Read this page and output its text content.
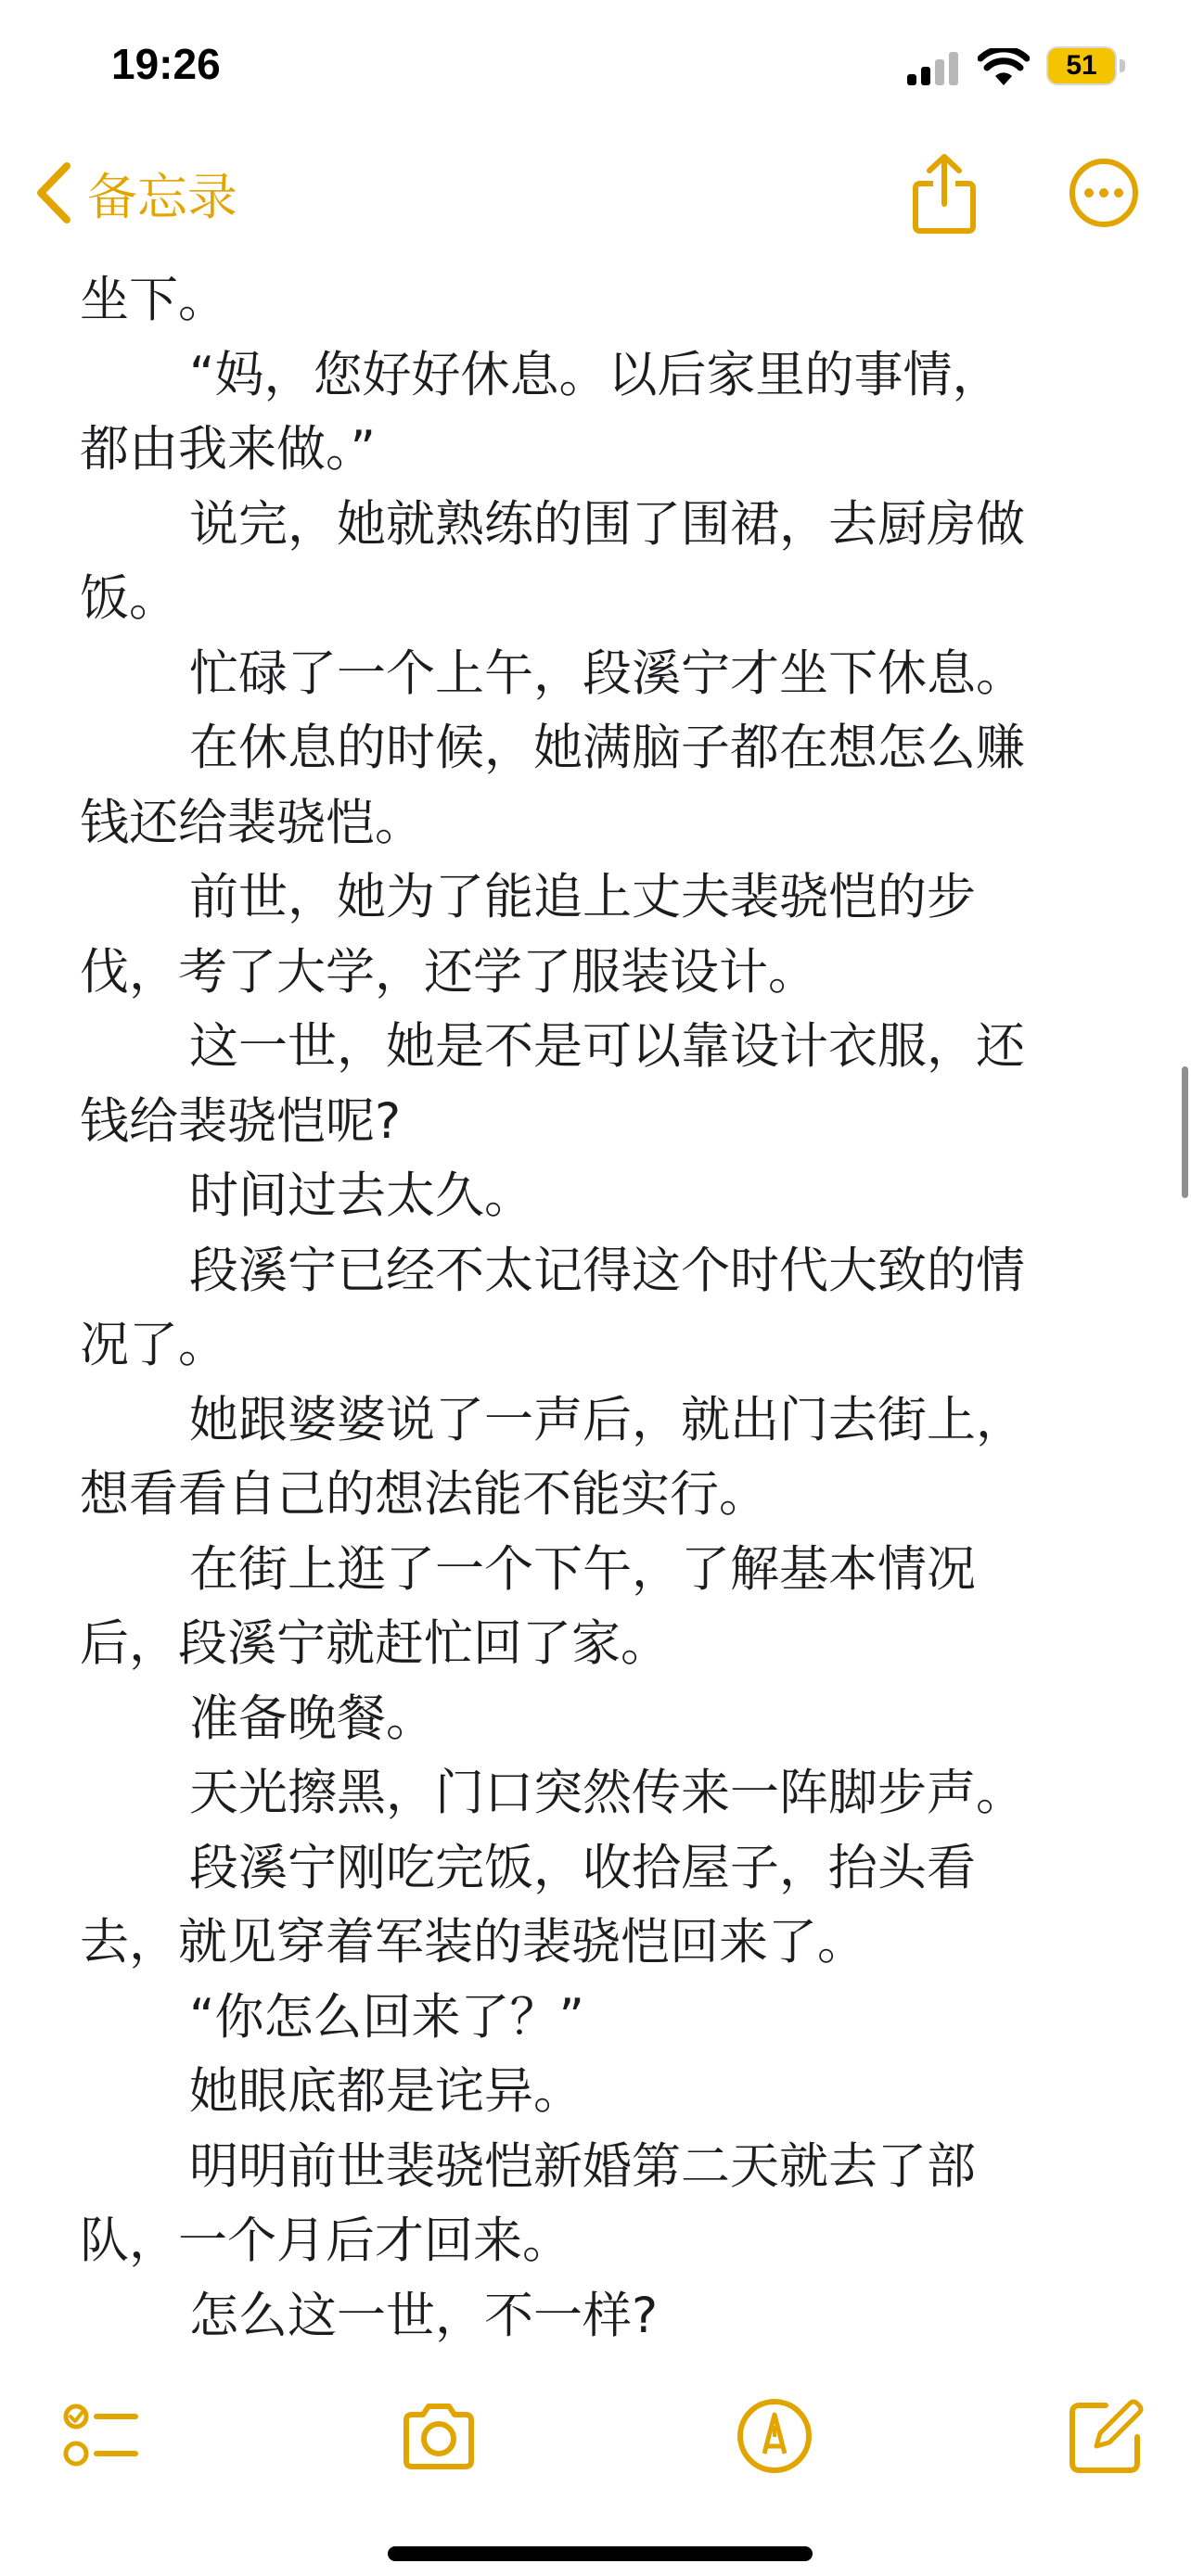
19:26	51
备忘录
坐下。
“妈，您好好休息。以后家里的事情，
都由我来做。”
说完，她就熟练的围了围裙，去厨房做
饭。
忙碌了一个上午，段溪宁才坐下休息。
在休息的时候，她满脑子都在想怎么赚
钱还给裴骁恺。
前世，她为了能追上丈夫裴骁恺的步
伐，考了大学，还学了服装设计。
这一世，她是不是可以靠设计衣服，还
钱给裴骁恺呢?
时间过去太久。
段溪宁已经不太记得这个时代大致的情
况了。
她跟婆婆说了一声后，就出门去街上，
想看看自己的想法能不能实行。
在街上逛了一个下午，了解基本情况
后，段溪宁就赶忙回了家。
准备晚餐。
天光擦黑，门口突然传来一阵脚步声。
段溪宁刚吃完饭，收拾屋子，抬头看
去，就见穿着军装的裴骁恺回来了。
“你怎么回来了？”
她眼底都是诧异。
明明前世裴骁恺新婚第二天就去了部
队，一个月后才回来。
怎么这一世，不一样?
